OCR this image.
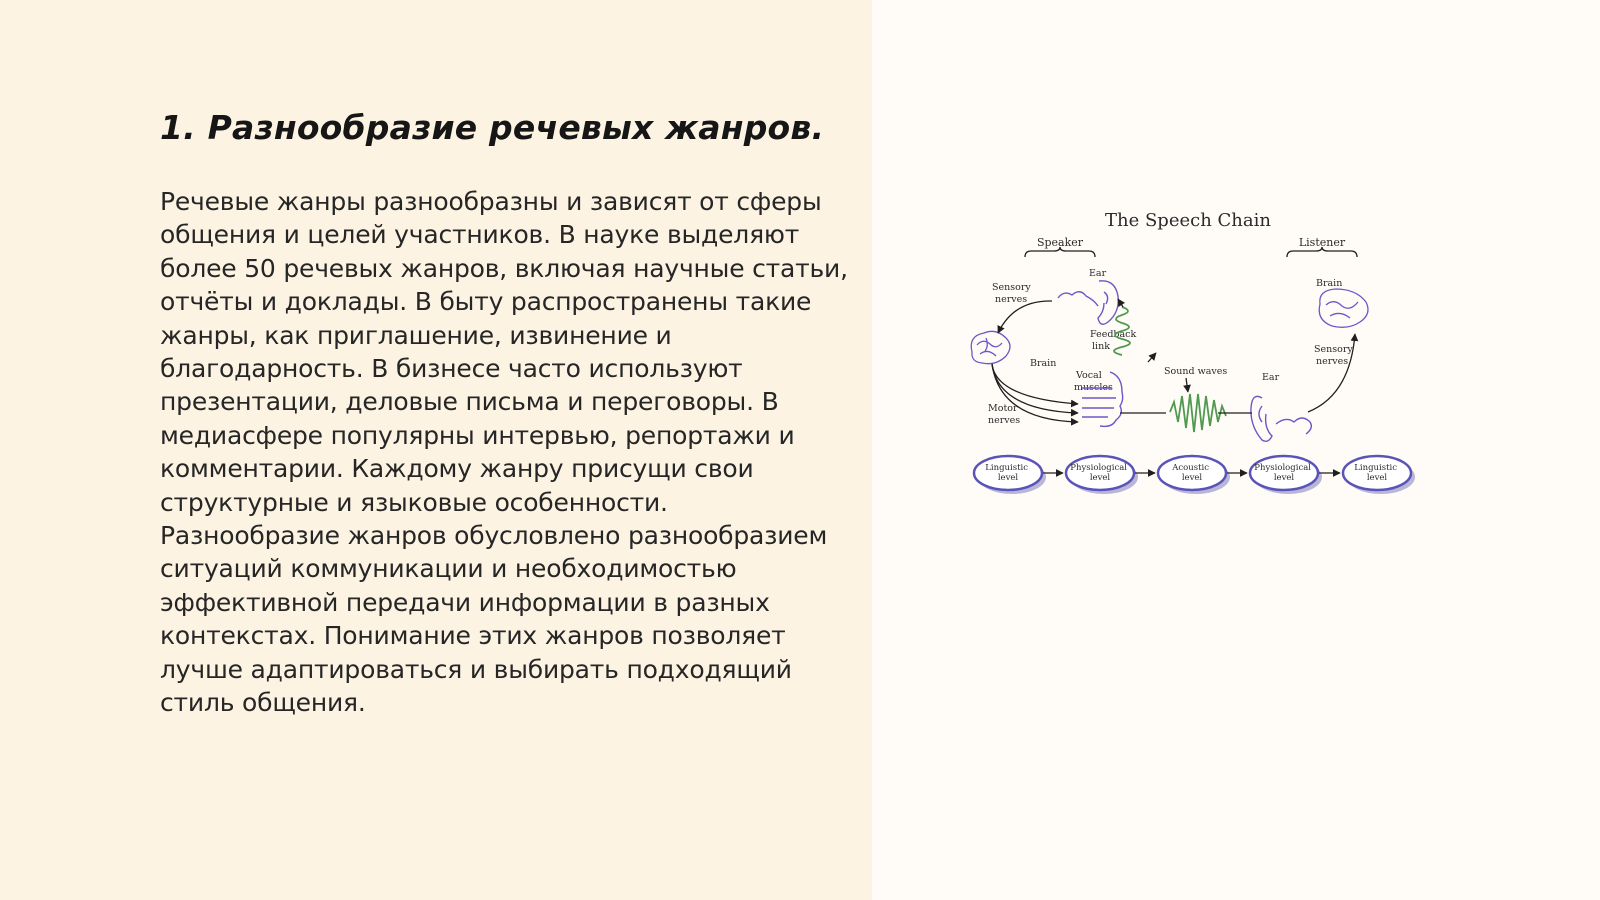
1. Разнообразие речевых жанров.

Речевые жанры разнообразны и зависят от сферы общения и целей участников. В науке выделяют более 50 речевых жанров, включая научные статьи, отчёты и доклады. В быту распространены такие жанры, как приглашение, извинение и благодарность. В бизнесе часто используют презентации, деловые письма и переговоры. В медиасфере популярны интервью, репортажи и комментарии. Каждому жанру присущи свои структурные и языковые особенности. Разнообразие жанров обусловлено разнообразием ситуаций коммуникации и необходимостью эффективной передачи информации в разных контекстах. Понимание этих жанров позволяет лучше адаптироваться и выбирать подходящий стиль общения.

The Speech Chain
Speaker	Listener
Sensory nerves
Ear
Feedback link
Brain
Vocal muscles
Motor nerves
Sound waves
Ear
Brain
Sensory nerves
Linguistic level
Physiological level
Acoustic level
Physiological level
Linguistic level
